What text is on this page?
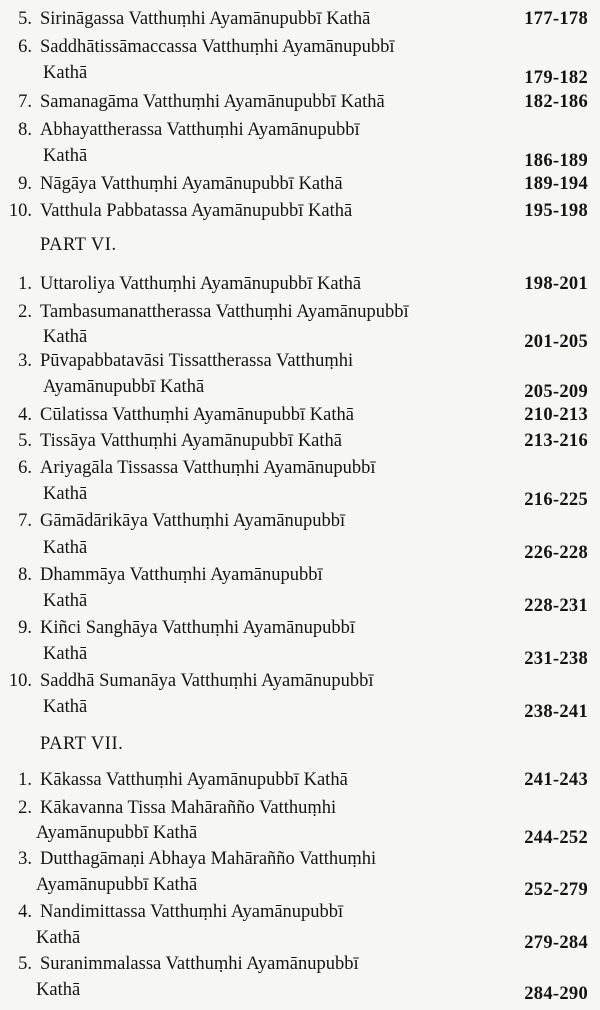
5. Sirināgassa Vatthuṃhi Ayamānupubbī Kathā	177-178
6. Saddhātissāmaccassa Vatthuṃhi Ayamānupubbī
Kathā	179-182
7. Samanagāma Vatthuṃhi Ayamānupubbī Kathā	182-186
8. Abhayattherassa Vatthuṃhi Ayamānupubbī
Kathā	186-189
9. Nāgāya Vatthuṃhi Ayamānupubbī Kathā	189-194
10. Vatthula Pabbatassa Ayamānupubbī Kathā	195-198
PART VI.
1. Uttaroliya Vatthuṃhi Ayamānupubbī Kathā	198-201
2. Tambasumanattherassa Vatthuṃhi Ayamānupubbī
Kathā	201-205
3. Pūvapabbatavāsi Tissattherassa Vatthuṃhi
Ayamānupubbī Kathā	205-209
4. Cūlatissa Vatthuṃhi Ayamānupubbī Kathā	210-213
5. Tissāya Vatthuṃhi Ayamānupubbī Kathā	213-216
6. Ariyagāla Tissassa Vatthuṃhi Ayamānupubbī
Kathā	216-225
7. Gāmādārikāya Vatthuṃhi Ayamānupubbī
Kathā	226-228
8. Dhammāya Vatthuṃhi Ayamānupubbī
Kathā	228-231
9. Kiñci Sanghāya Vatthuṃhi Ayamānupubbī
Kathā	231-238
10. Saddhā Sumanāya Vatthuṃhi Ayamānupubbī
Kathā	238-241
PART VII.
1. Kākassa Vatthuṃhi Ayamānupubbī Kathā	241-243
2. Kākavanna Tissa Mahārañño Vatthuṃhi
Ayamānupubbī Kathā	244-252
3. Dutthagāmaṇi Abhaya Mahārañño Vatthuṃhi
Ayamānupubbī Kathā	252-279
4. Nandimittassa Vatthuṃhi Ayamānupubbī
Kathā	279-284
5. Suranimmalassa Vatthuṃhi Ayamānupubbī
Kathā	284-290
